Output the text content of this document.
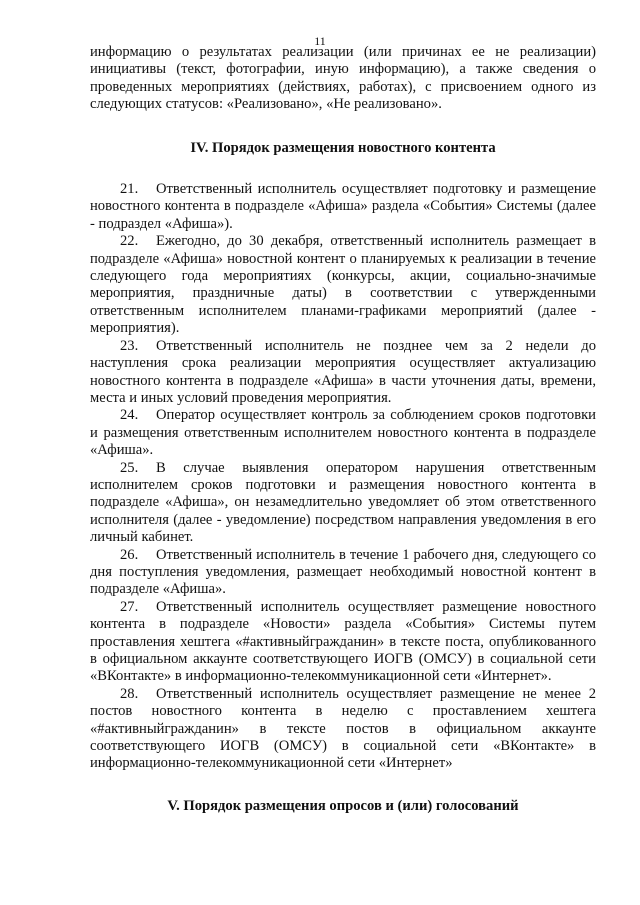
11

информацию о результатах реализации (или причинах ее не реализации) инициативы (текст, фотографии, иную информацию), а также сведения о проведенных мероприятиях (действиях, работах), с присвоением одного из следующих статусов: «Реализовано», «Не реализовано».

IV. Порядок размещения новостного контента

21. Ответственный исполнитель осуществляет подготовку и размещение новостного контента в подразделе «Афиша» раздела «События» Системы (далее - подраздел «Афиша»).

22. Ежегодно, до 30 декабря, ответственный исполнитель размещает в подразделе «Афиша» новостной контент о планируемых к реализации в течение следующего года мероприятиях (конкурсы, акции, социально-значимые мероприятия, праздничные даты) в соответствии с утвержденными ответственным исполнителем планами-графиками мероприятий (далее - мероприятия).

23. Ответственный исполнитель не позднее чем за 2 недели до наступления срока реализации мероприятия осуществляет актуализацию новостного контента в подразделе «Афиша» в части уточнения даты, времени, места и иных условий проведения мероприятия.

24. Оператор осуществляет контроль за соблюдением сроков подготовки и размещения ответственным исполнителем новостного контента в подразделе «Афиша».

25. В случае выявления оператором нарушения ответственным исполнителем сроков подготовки и размещения новостного контента в подразделе «Афиша», он незамедлительно уведомляет об этом ответственного исполнителя (далее - уведомление) посредством направления уведомления в его личный кабинет.

26. Ответственный исполнитель в течение 1 рабочего дня, следующего со дня поступления уведомления, размещает необходимый новостной контент в подразделе «Афиша».

27. Ответственный исполнитель осуществляет размещение новостного контента в подразделе «Новости» раздела «События» Системы путем проставления хештега «#активныйгражданин» в тексте поста, опубликованного в официальном аккаунте соответствующего ИОГВ (ОМСУ) в социальной сети «ВКонтакте» в информационно-телекоммуникационной сети «Интернет».

28. Ответственный исполнитель осуществляет размещение не менее 2 постов новостного контента в неделю с проставлением хештега «#активныйгражданин» в тексте постов в официальном аккаунте соответствующего ИОГВ (ОМСУ) в социальной сети «ВКонтакте» в информационно-телекоммуникационной сети «Интернет»

V. Порядок размещения опросов и (или) голосований
